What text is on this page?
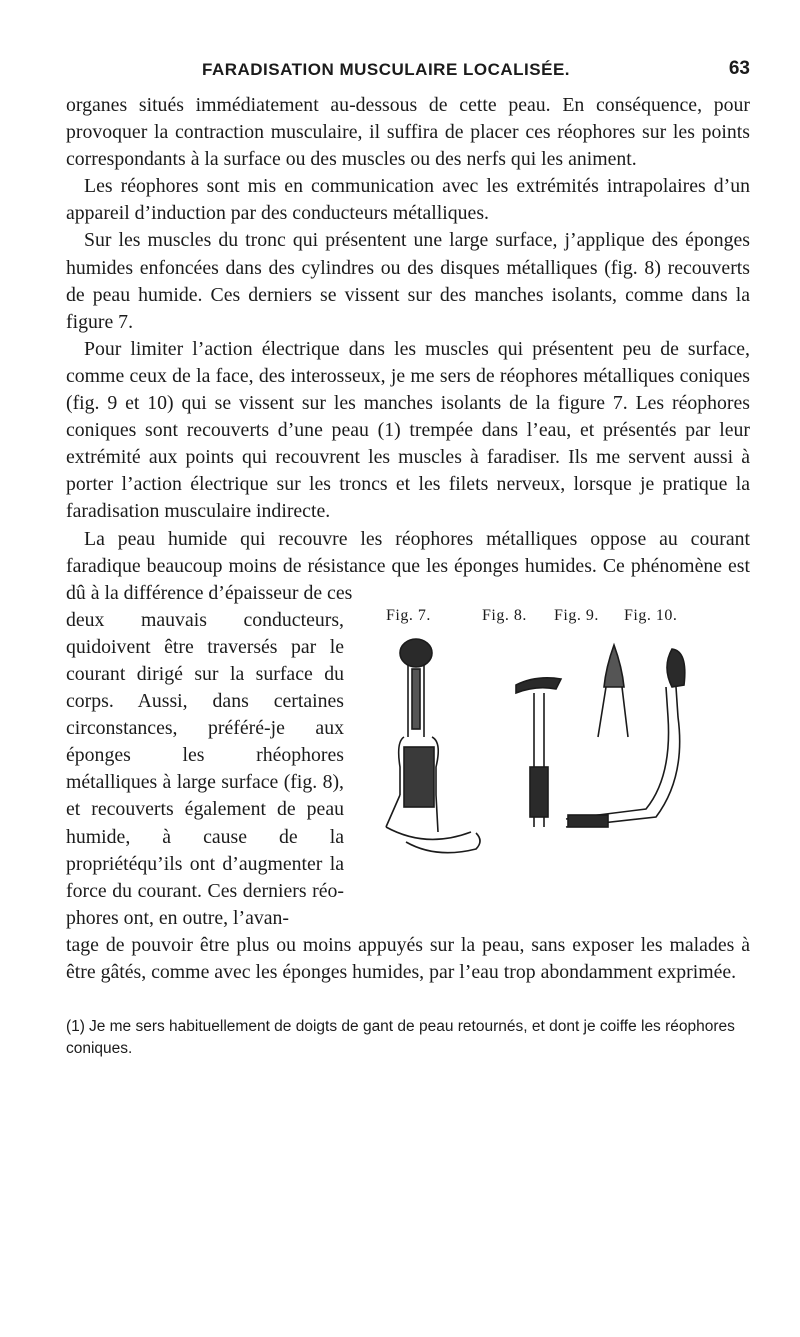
FARADISATION MUSCULAIRE LOCALISÉE.	63

organes situés immédiatement au-dessous de cette peau. En conséquence, pour provoquer la contraction musculaire, il suffira de placer ces réophores sur les points correspondants à la surface ou des muscles ou des nerfs qui les animent.

Les réophores sont mis en communication avec les extrémités intrapolaires d’un appareil d’induction par des conducteurs métalliques.

Sur les muscles du tronc qui présentent une large surface, j’applique des éponges humides enfoncées dans des cylindres ou des disques métalliques (fig. 8) recouverts de peau humide. Ces derniers se vissent sur des manches isolants, comme dans la figure 7.

Pour limiter l’action électrique dans les muscles qui présentent peu de surface, comme ceux de la face, des interosseux, je me sers de réophores métalliques coniques (fig. 9 et 10) qui se vissent sur les manches isolants de la figure 7. Les réophores coniques sont recouverts d’une peau (1) trempée dans l’eau, et présentés par leur extrémité aux points qui recouvrent les muscles à faradiser. Ils me servent aussi à porter l’action électrique sur les troncs et les filets nerveux, lorsque je pratique la faradisation musculaire indirecte.

La peau humide qui recouvre les réophores métalliques oppose au courant faradique beaucoup moins de résistance que les éponges humides. Ce phénomène est dû à la différence d’épaisseur de ces

deux mauvais conducteurs, quidoivent être traversés par le courant dirigé sur la surface du corps. Aussi, dans certaines circonstances, préféré-je aux éponges les rhéophores métalliques à large surface (fig. 8), et recouverts également de peau humide, à cause de la propriétéqu’ils ont d’augmenter la force du courant. Ces derniers réophores ont, en outre, l’avan-

Fig. 7.	Fig. 8. Fig. 9. Fig. 10.

tage de pouvoir être plus ou moins appuyés sur la peau, sans exposer les malades à être gâtés, comme avec les éponges humides, par l’eau trop abondamment exprimée.

(1) Je me sers habituellement de doigts de gant de peau retournés, et dont je coiffe les réophores coniques.
